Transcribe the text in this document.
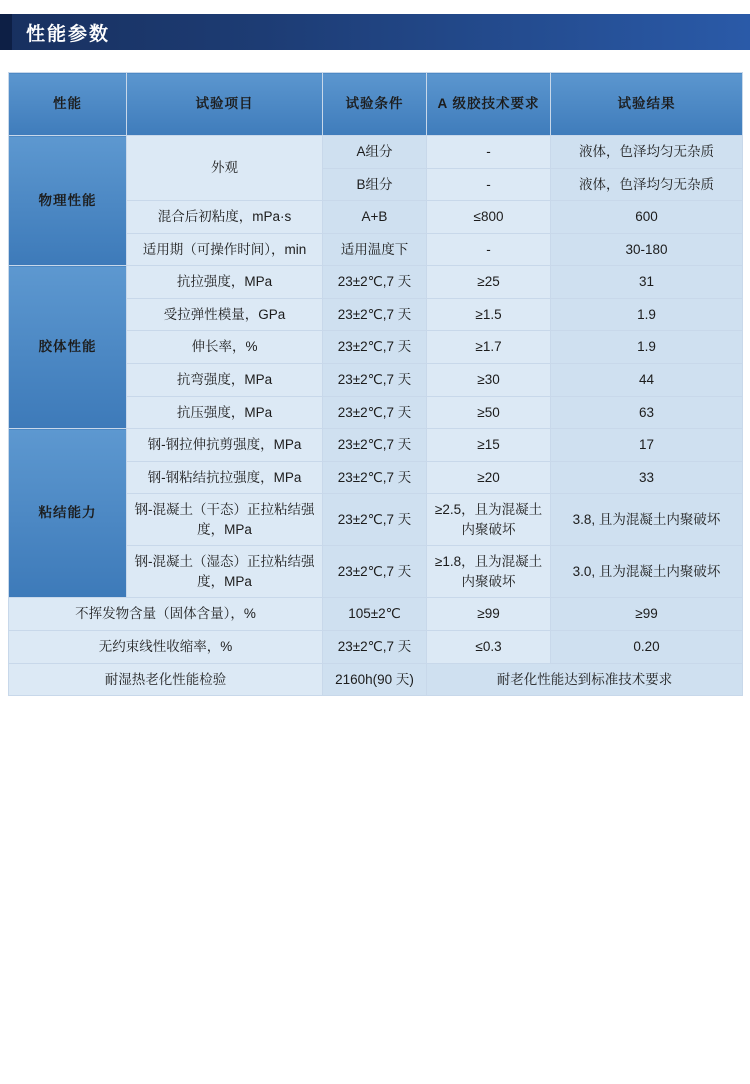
性能参数
性能	试验项目	试验条件	A 级胶技术要求	试验结果
物理性能	外观	A组分	-	液体，色泽均匀无杂质
		B组分	-	液体，色泽均匀无杂质
	混合后初粘度，mPa·s	A+B	≤800	600
	适用期（可操作时间），min	适用温度下	-	30-180
胶体性能	抗拉强度，MPa	23±2℃,7 天	≥25	31
	受拉弹性模量，GPa	23±2℃,7 天	≥1.5	1.9
	伸长率，%	23±2℃,7 天	≥1.7	1.9
	抗弯强度，MPa	23±2℃,7 天	≥30	44
	抗压强度，MPa	23±2℃,7 天	≥50	63
粘结能力	钢-钢拉伸抗剪强度，MPa	23±2℃,7 天	≥15	17
	钢-钢粘结抗拉强度，MPa	23±2℃,7 天	≥20	33
	钢-混凝土（干态）正拉粘结强度，MPa	23±2℃,7 天	≥2.5，且为混凝土内聚破坏	3.8, 且为混凝土内聚破坏
	钢-混凝土（湿态）正拉粘结强度，MPa	23±2℃,7 天	≥1.8，且为混凝土内聚破坏	3.0, 且为混凝土内聚破坏
不挥发物含量（固体含量），%		105±2℃	≥99	≥99
无约束线性收缩率，%		23±2℃,7 天	≤0.3	0.20
耐湿热老化性能检验		2160h(90 天)	耐老化性能达到标准技术要求	
